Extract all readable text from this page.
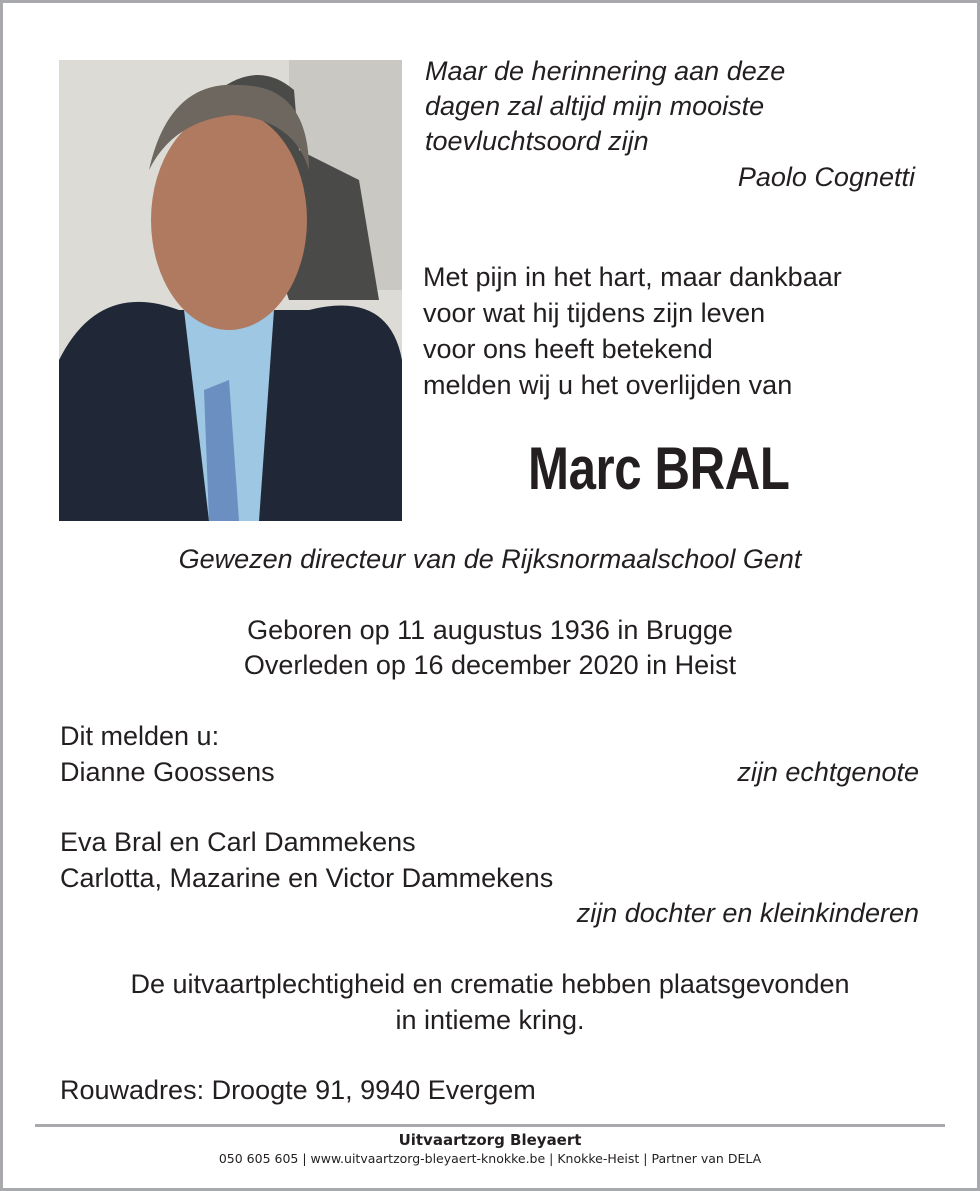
Maar de herinnering aan deze
dagen zal altijd mijn mooiste
toevluchtsoord zijn
Paolo Cognetti
Met pijn in het hart, maar dankbaar
voor wat hij tijdens zijn leven
voor ons heeft betekend
melden wij u het overlijden van
Marc BRAL
Gewezen directeur van de Rijksnormaalschool Gent
Geboren op 11 augustus 1936 in Brugge
Overleden op 16 december 2020 in Heist
Dit melden u:
Dianne Goossens	zijn echtgenote
Eva Bral en Carl Dammekens
Carlotta, Mazarine en Victor Dammekens
zijn dochter en kleinkinderen
De uitvaartplechtigheid en crematie hebben plaatsgevonden
in intieme kring.
Rouwadres: Droogte 91, 9940 Evergem
Uitvaartzorg Bleyaert
050 605 605 | www.uitvaartzorg-bleyaert-knokke.be | Knokke-Heist | Partner van DELA
